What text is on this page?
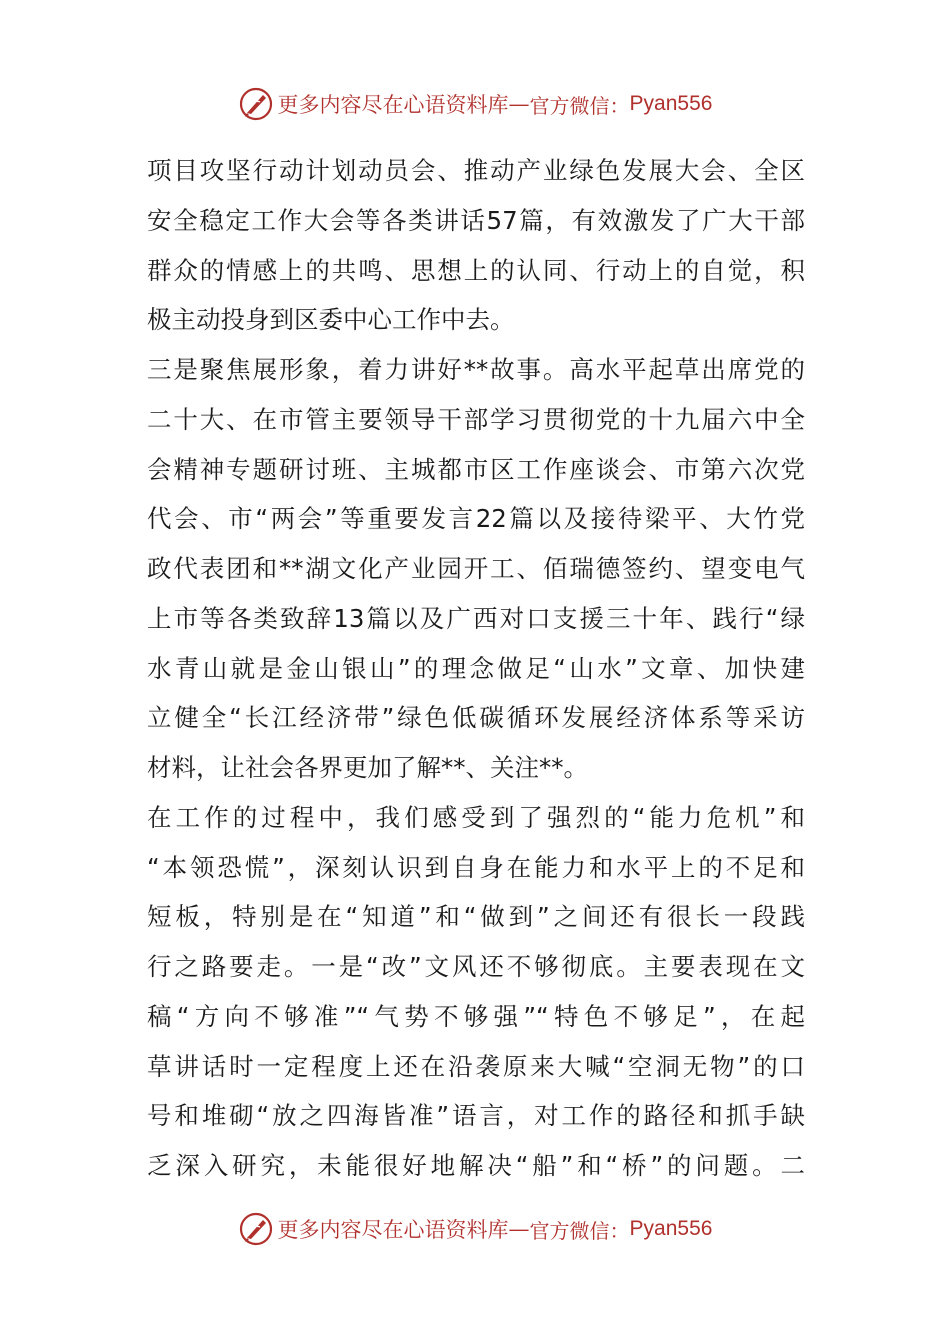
更多内容尽在心语资料库 — 官方微信： Pyan556
项目攻坚行动计划动员会、推动产业绿色发展大会、全区
安全稳定工作大会等各类讲话57篇，有效激发了广大干部
群众的情感上的共鸣、思想上的认同、行动上的自觉，积
极主动投身到区委中心工作中去。
三是聚焦展形象，着力讲好**故事。高水平起草出席党的
二十大、在市管主要领导干部学习贯彻党的十九届六中全
会精神专题研讨班、主城都市区工作座谈会、市第六次党
代会、市“两会”等重要发言22篇以及接待梁平、大竹党
政代表团和**湖文化产业园开工、佰瑞德签约、望变电气
上市等各类致辞13篇以及广西对口支援三十年、践行“绿
水青山就是金山银山”的理念做足“山水”文章、加快建
立健全“长江经济带”绿色低碳循环发展经济体系等采访
材料，让社会各界更加了解**、关注**。
在工作的过程中，我们感受到了强烈的“能力危机”和
“本领恐慌”，深刻认识到自身在能力和水平上的不足和
短板，特别是在“知道”和“做到”之间还有很长一段践
行之路要走。一是“改”文风还不够彻底。主要表现在文
稿“方向不够准”“气势不够强”“特色不够足”，在起
草讲话时一定程度上还在沿袭原来大喊“空洞无物”的口
号和堆砌“放之四海皆准”语言，对工作的路径和抓手缺
乏深入研究，未能很好地解决“船”和“桥”的问题。二
更多内容尽在心语资料库 — 官方微信： Pyan556
